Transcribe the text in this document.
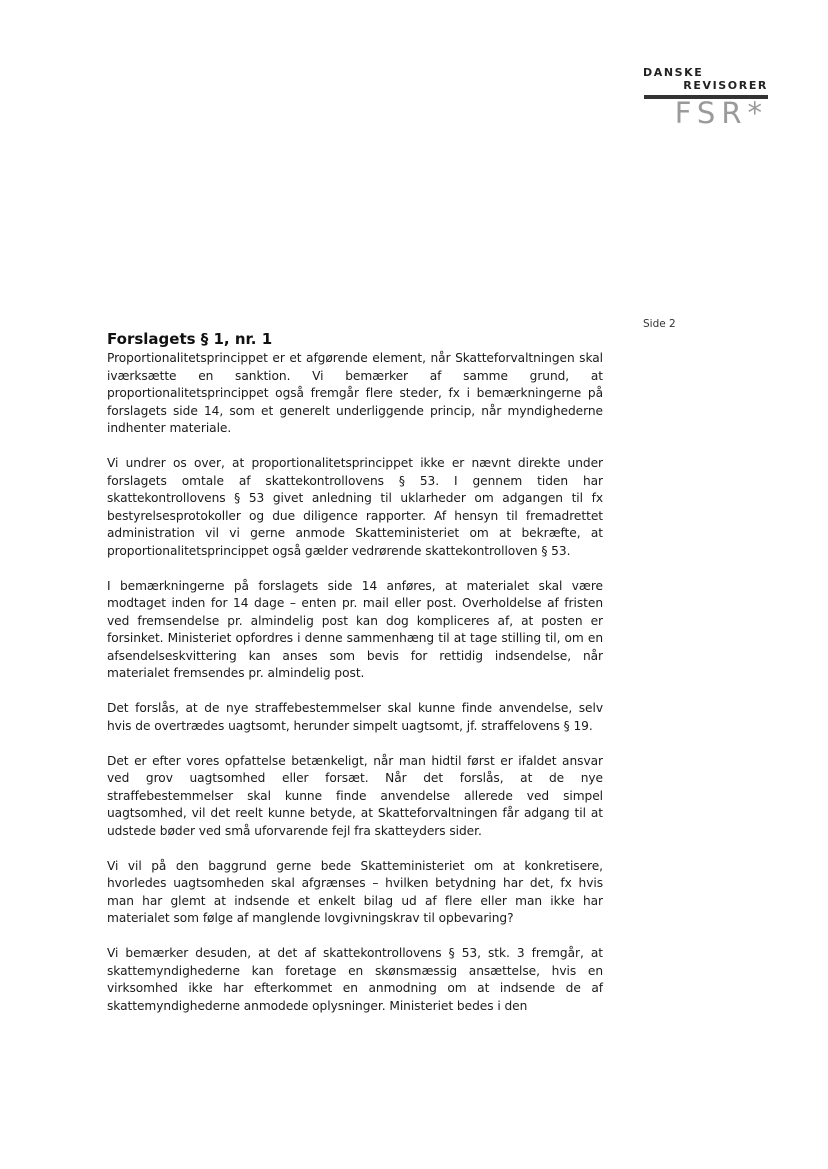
DANSKE
REVISORER
FSR*
Side 2
Forslagets § 1, nr. 1

Proportionalitetsprincippet er et afgørende element, når Skatteforvaltningen skal iværksætte en sanktion. Vi bemærker af samme grund, at proportionalitetsprincippet også fremgår flere steder, fx i bemærkningerne på forslagets side 14, som et generelt underliggende princip, når myndighederne indhenter materiale.

Vi undrer os over, at proportionalitetsprincippet ikke er nævnt direkte under forslagets omtale af skattekontrollovens § 53. I gennem tiden har skattekontrollovens § 53 givet anledning til uklarheder om adgangen til fx bestyrelsesprotokoller og due diligence rapporter. Af hensyn til fremadrettet administration vil vi gerne anmode Skatteministeriet om at bekræfte, at proportionalitetsprincippet også gælder vedrørende skattekontrolloven § 53.

I bemærkningerne på forslagets side 14 anføres, at materialet skal være modtaget inden for 14 dage – enten pr. mail eller post. Overholdelse af fristen ved fremsendelse pr. almindelig post kan dog kompliceres af, at posten er forsinket. Ministeriet opfordres i denne sammenhæng til at tage stilling til, om en afsendelseskvittering kan anses som bevis for rettidig indsendelse, når materialet fremsendes pr. almindelig post.

Det forslås, at de nye straffebestemmelser skal kunne finde anvendelse, selv hvis de overtrædes uagtsomt, herunder simpelt uagtsomt, jf. straffelovens § 19.

Det er efter vores opfattelse betænkeligt, når man hidtil først er ifaldet ansvar ved grov uagtsomhed eller forsæt. Når det forslås, at de nye straffebestemmelser skal kunne finde anvendelse allerede ved simpel uagtsomhed, vil det reelt kunne betyde, at Skatteforvaltningen får adgang til at udstede bøder ved små uforvarende fejl fra skatteyders sider.

Vi vil på den baggrund gerne bede Skatteministeriet om at konkretisere, hvorledes uagtsomheden skal afgrænses – hvilken betydning har det, fx hvis man har glemt at indsende et enkelt bilag ud af flere eller man ikke har materialet som følge af manglende lovgivningskrav til opbevaring?

Vi bemærker desuden, at det af skattekontrollovens § 53, stk. 3 fremgår, at skattemyndighederne kan foretage en skønsmæssig ansættelse, hvis en virksomhed ikke har efterkommet en anmodning om at indsende de af skattemyndighederne anmodede oplysninger. Ministeriet bedes i den
